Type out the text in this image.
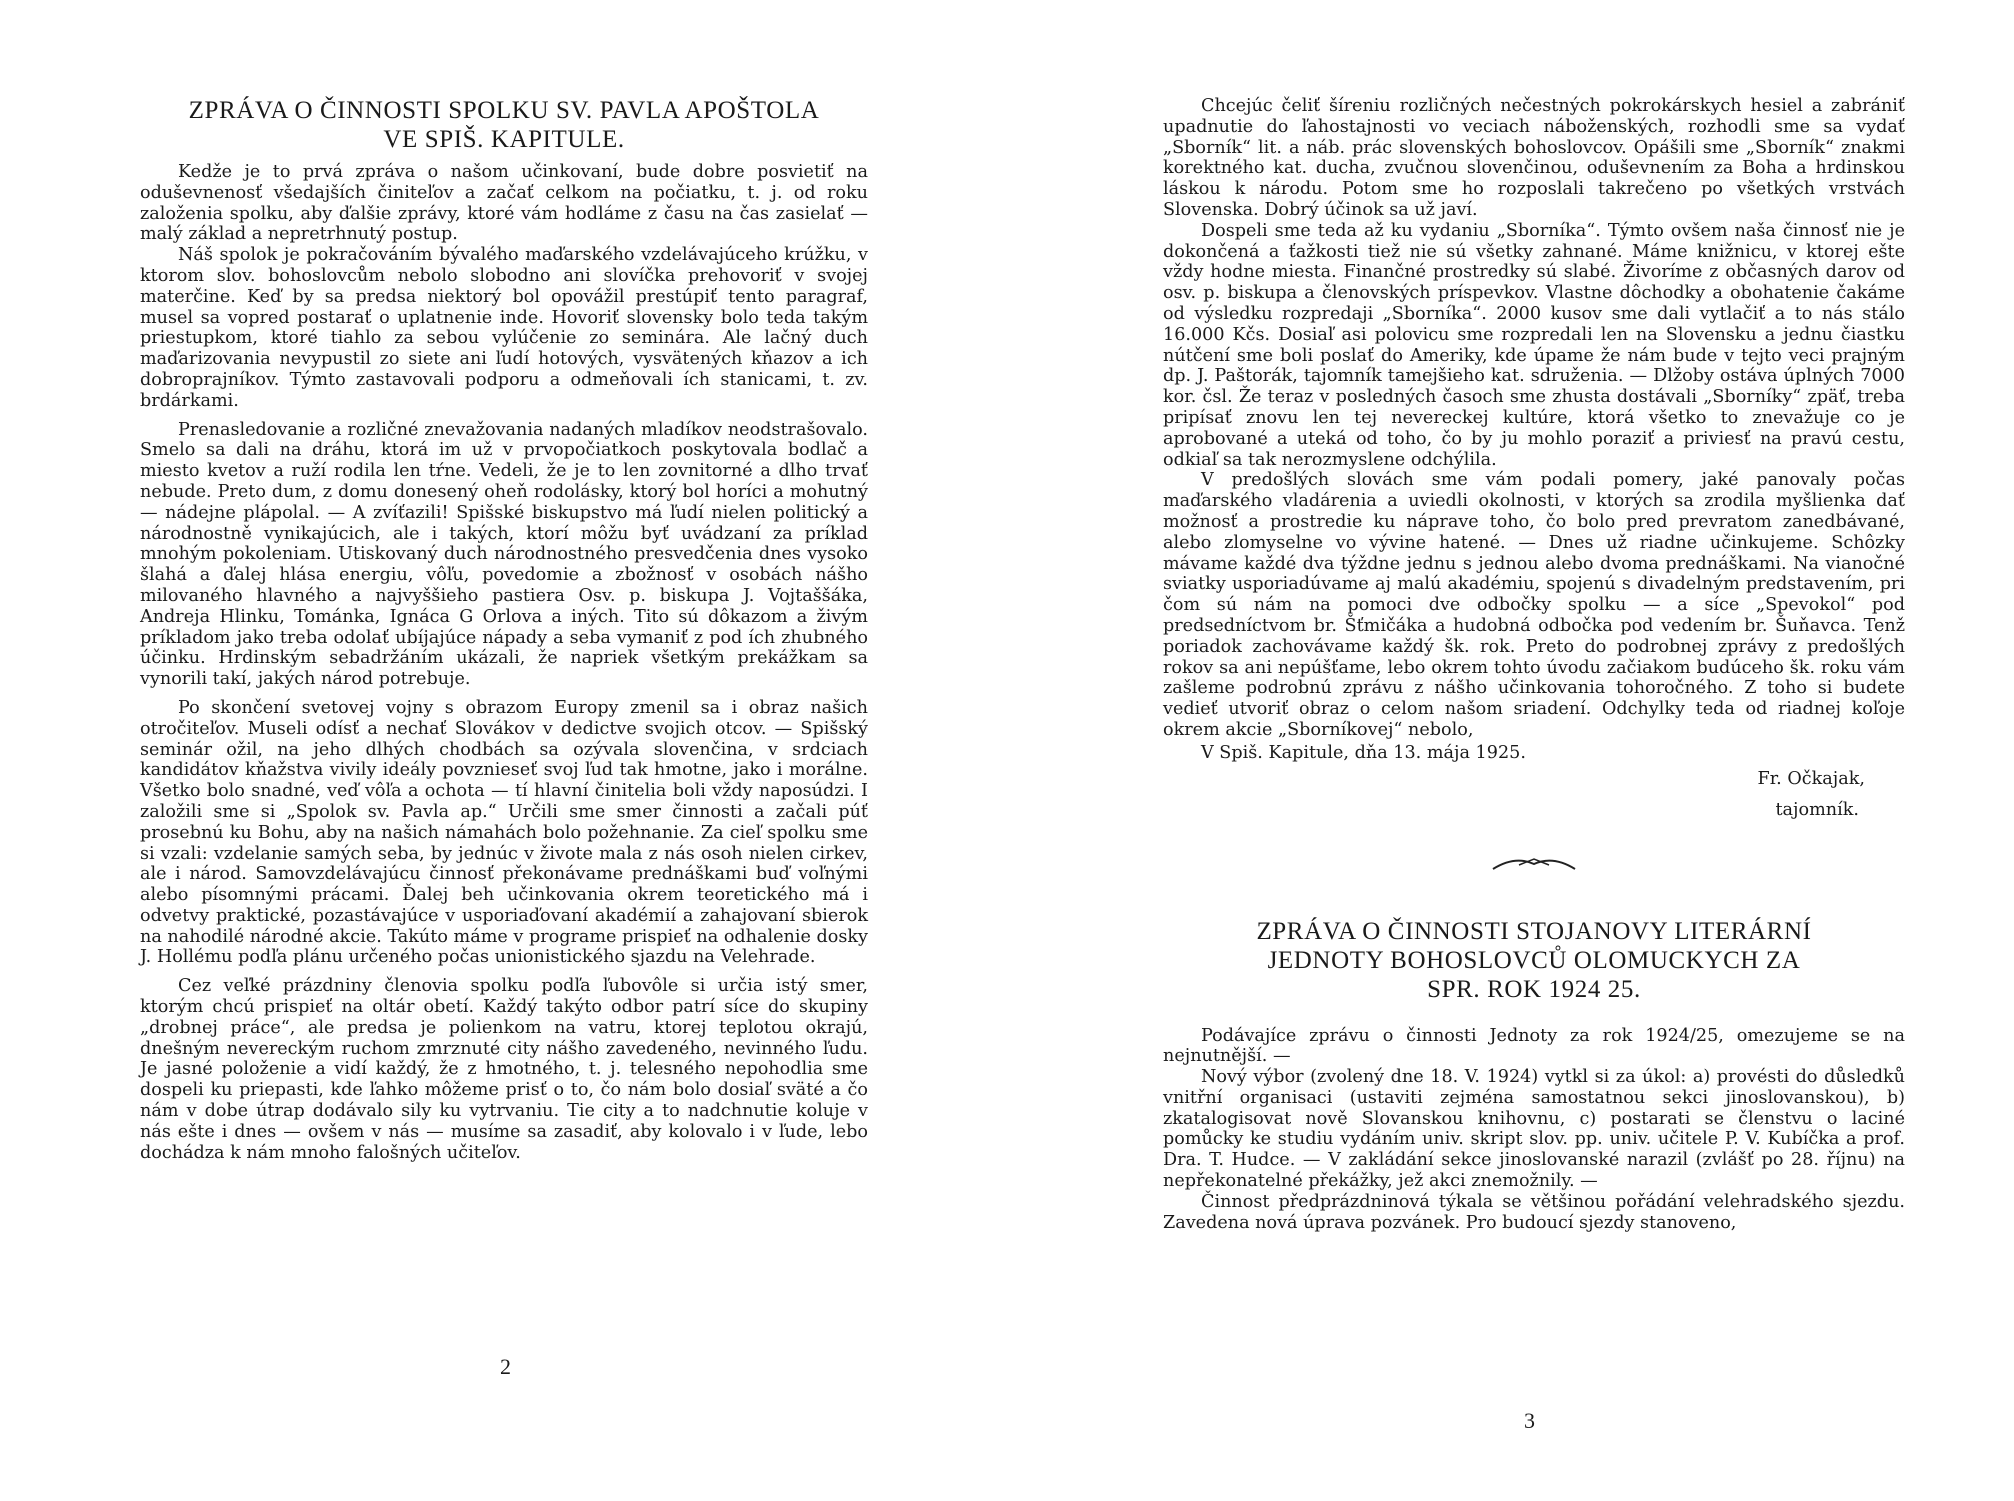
ZPRÁVA O ČINNOSTI SPOLKU SV. PAVLA APOŠTOLA
VE SPIŠ. KAPITULE.

Kedže je to prvá zpráva o našom učinkovaní, bude dobre posvietiť na oduševnenosť všedajších činiteľov a začať celkom na počiatku, t. j. od roku založenia spolku, aby ďalšie zprávy, ktoré vám hodláme z času na čas zasielať — malý základ a nepretrhnutý postup.

Náš spolok je pokračováním bývalého maďarského vzdelávajúceho krúžku, v ktorom slov. bohoslovcům nebolo slobodno ani slovíčka prehovoriť v svojej materčine. Keď by sa predsa niektorý bol opovážil prestúpiť tento paragraf, musel sa vopred postarať o uplatnenie inde. Hovoriť slovensky bolo teda takým priestupkom, ktoré tiahlo za sebou vylúčenie zo seminára. Ale lačný duch maďarizovania nevypustil zo siete ani ľudí hotových, vysvätených kňazov a ich dobroprajníkov. Týmto zastavovali podporu a odmeňovali ích stanicami, t. zv. brdárkami.

Prenasledovanie a rozličné znevažovania nadaných mladíkov neodstrašovalo. Smelo sa dali na dráhu, ktorá im už v prvopočiatkoch poskytovala bodlač a miesto kvetov a ruží rodila len tŕne. Vedeli, že je to len zovnitorné a dlho trvať nebude. Preto dum, z domu donesený oheň rodolásky, ktorý bol horíci a mohutný — nádejne plápolal. — A zvíťazili! Spišské biskupstvo má ľudí nielen politický a národnostně vynikajúcich, ale i takých, ktorí môžu byť uvádzaní za príklad mnohým pokoleniam. Utiskovaný duch národnostného presvedčenia dnes vysoko šlahá a ďalej hlása energiu, vôľu, povedomie a zbožnosť v osobách nášho milovaného hlavného a najvyššieho pastiera Osv. p. biskupa J. Vojtaššáka, Andreja Hlinku, Tománka, Ignáca G Orlova a iných. Tito sú dôkazom a živým príkladom jako treba odolať ubíjajúce nápady a seba vymaniť z pod ích zhubného účinku. Hrdinským sebadržáním ukázali, že napriek všetkým prekážkam sa vynorili takí, jakých národ potrebuje.

Po skončení svetovej vojny s obrazom Europy zmenil sa i obraz našich otročiteľov. Museli odísť a nechať Slovákov v dedictve svojich otcov. — Spišský seminár ožil, na jeho dlhých chodbách sa ozývala slovenčina, v srdciach kandidátov kňažstva vivily ideály povznieseť svoj ľud tak hmotne, jako i morálne. Všetko bolo snadné, veď vôľa a ochota — tí hlavní činitelia boli vždy naposúdzi. I založili sme si „Spolok sv. Pavla ap.“ Určili sme smer činnosti a začali púť prosebnú ku Bohu, aby na našich námahách bolo požehnanie. Za cieľ spolku sme si vzali: vzdelanie samých seba, by jednúc v živote mala z nás osoh nielen cirkev, ale i národ. Samovzdelávajúcu činnosť překonávame prednáškami buď voľnými alebo písomnými prácami. Ďalej beh učinkovania okrem teoretického má i odvetvy praktické, pozastávajúce v usporiaďovaní akadémií a zahajovaní sbierok na nahodilé národné akcie. Takúto máme v programe prispieť na odhalenie dosky J. Hollému podľa plánu určeného počas unionistického sjazdu na Velehrade.

Cez veľké prázdniny členovia spolku podľa ľubovôle si určia istý smer, ktorým chcú prispieť na oltár obetí. Každý takýto odbor patrí síce do skupiny „drobnej práce“, ale predsa je polienkom na vatru, ktorej teplotou okrajú, dnešným nevereckým ruchom zmrznuté city nášho zavedeného, nevinného ľudu. Je jasné položenie a vidí každý, že z hmotného, t. j. telesného nepohodlia sme dospeli ku priepasti, kde ľahko môžeme prisť o to, čo nám bolo dosiaľ sväté a čo nám v dobe útrap dodávalo sily ku vytrvaniu. Tie city a to nadchnutie koluje v nás ešte i dnes — ovšem v nás — musíme sa zasadiť, aby kolovalo i v ľude, lebo dochádza k nám mnoho falošných učiteľov.

2

Chcejúc čeliť šíreniu rozličných nečestných pokrokárskych hesiel a zabrániť upadnutie do ľahostajnosti vo veciach náboženských, rozhodli sme sa vydať „Sborník“ lit. a náb. prác slovenských bohoslovcov. Opášili sme „Sborník“ znakmi korektného kat. ducha, zvučnou slovenčinou, oduševnením za Boha a hrdinskou láskou k národu. Potom sme ho rozposlali takrečeno po všetkých vrstvách Slovenska. Dobrý účinok sa už javí.

Dospeli sme teda až ku vydaniu „Sborníka“. Týmto ovšem naša činnosť nie je dokončená a ťažkosti tiež nie sú všetky zahnané. Máme knižnicu, v ktorej ešte vždy hodne miesta. Finančné prostredky sú slabé. Živoríme z občasných darov od osv. p. biskupa a členovských príspevkov. Vlastne dôchodky a obohatenie čakáme od výsledku rozpredaji „Sborníka“. 2000 kusov sme dali vytlačiť a to nás stálo 16.000 Kčs. Dosiaľ asi polovicu sme rozpredali len na Slovensku a jednu čiastku nútčení sme boli poslať do Ameriky, kde úpame že nám bude v tejto veci prajným dp. J. Paštorák, tajomník tamejšieho kat. sdruženia. — Dlžoby ostáva úplných 7000 kor. čsl. Že teraz v posledných časoch sme zhusta dostávali „Sborníky“ zpäť, treba pripísať znovu len tej nevereckej kultúre, ktorá všetko to znevažuje co je aprobované a uteká od toho, čo by ju mohlo poraziť a priviesť na pravú cestu, odkiaľ sa tak nerozmyslene odchýlila.

V predošlých slovách sme vám podali pomery, jaké panovaly počas maďarského vladárenia a uviedli okolnosti, v ktorých sa zrodila myšlienka dať možnosť a prostredie ku náprave toho, čo bolo pred prevratom zanedbávané, alebo zlomyselne vo vývine hatené. — Dnes už riadne učinkujeme. Schôzky mávame každé dva týždne jednu s jednou alebo dvoma prednáškami. Na vianočné sviatky usporiadúvame aj malú akadémiu, spojenú s divadelným predstavením, pri čom sú nám na pomoci dve odbočky spolku — a síce „Spevokol“ pod predsedníctvom br. Šťmičáka a hudobná odbočka pod vedením br. Šuňavca. Tenž poriadok zachovávame každý šk. rok. Preto do podrobnej zprávy z predošlých rokov sa ani nepúšťame, lebo okrem tohto úvodu začiakom budúceho šk. roku vám zašleme podrobnú zprávu z nášho učinkovania tohoročného. Z toho si budete vedieť utvoriť obraz o celom našom sriadení. Odchylky teda od riadnej koľoje okrem akcie „Sborníkovej“ nebolo,

V Spiš. Kapitule, dňa 13. mája 1925.

Fr. Očkajak,
tajomník.
ZPRÁVA O ČINNOSTI STOJANOVY LITERÁRNÍ
JEDNOTY BOHOSLOVCŮ OLOMUCKYCH ZA
SPR. ROK 1924 25.

Podávajíce zprávu o činnosti Jednoty za rok 1924/25, omezujeme se na nejnutnější. —

Nový výbor (zvolený dne 18. V. 1924) vytkl si za úkol: a) provésti do důsledků vnitřní organisaci (ustaviti zejména samostatnou sekci jinoslovanskou), b) zkatalogisovat nově Slovanskou knihovnu, c) postarati se členstvu o laciné pomůcky ke studiu vydáním univ. skript slov. pp. univ. učitele P. V. Kubíčka a prof. Dra. T. Hudce. — V zakládání sekce jinoslovanské narazil (zvlášť po 28. říjnu) na nepřekonatelné překážky, jež akci znemožnily. —

Činnost předprázdninová týkala se většinou pořádání velehradského sjezdu. Zavedena nová úprava pozvánek. Pro budoucí sjezdy stanoveno,

3
